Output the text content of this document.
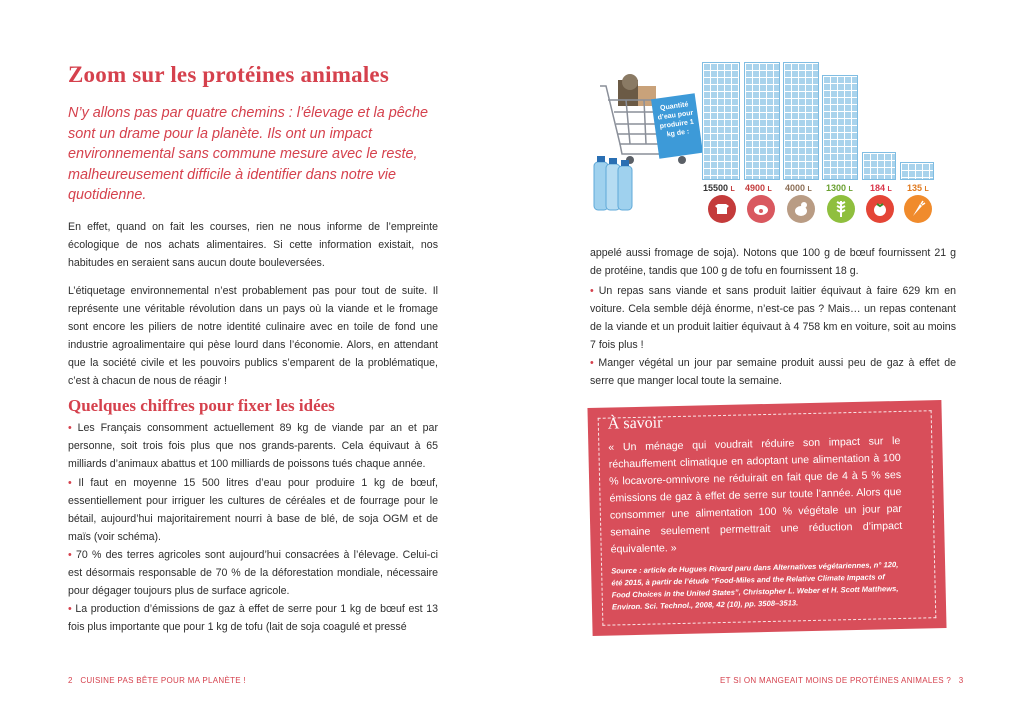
Zoom sur les protéines animales

N’y allons pas par quatre chemins : l’élevage et la pêche sont un drame pour la planète. Ils ont un impact environnemental sans commune mesure avec le reste, malheureusement difficile à identifier dans notre vie quotidienne.

En effet, quand on fait les courses, rien ne nous informe de l’empreinte écologique de nos achats alimentaires. Si cette information existait, nos habitudes en seraient sans aucun doute bouleversées.

L’étiquetage environnemental n’est probablement pas pour tout de suite. Il représente une véritable révolution dans un pays où la viande et le fromage sont encore les piliers de notre identité culinaire avec en toile de fond une industrie agroalimentaire qui pèse lourd dans l’économie. Alors, en attendant que la société civile et les pouvoirs publics s’emparent de la problématique, c’est à chacun de nous de réagir !

Quelques chiffres pour fixer les idées

• Les Français consomment actuellement 89 kg de viande par an et par personne, soit trois fois plus que nos grands-parents. Cela équivaut à 65 milliards d’animaux abattus et 100 milliards de poissons tués chaque année.

• Il faut en moyenne 15 500 litres d’eau pour produire 1 kg de bœuf, essentiellement pour irriguer les cultures de céréales et de fourrage pour le bétail, aujourd’hui majoritairement nourri à base de blé, de soja OGM et de maïs (voir schéma).

• 70 % des terres agricoles sont aujourd’hui consacrées à l’élevage. Celui-ci est désormais responsable de 70 % de la déforestation mondiale, nécessaire pour dégager toujours plus de surface agricole.

• La production d’émissions de gaz à effet de serre pour 1 kg de bœuf est 13 fois plus importante que pour 1 kg de tofu (lait de soja coagulé et pressé

2 CUISINE PAS BÊTE POUR MA PLANÈTE !
Quantité d’eau pour produire 1 kg de :
15500 L 4900 L 4000 L 1300 L 184 L 135 L

appelé aussi fromage de soja). Notons que 100 g de bœuf fournissent 21 g de protéine, tandis que 100 g de tofu en fournissent 18 g.

• Un repas sans viande et sans produit laitier équivaut à faire 629 km en voiture. Cela semble déjà énorme, n’est-ce pas ? Mais… un repas contenant de la viande et un produit laitier équivaut à 4 758 km en voiture, soit au moins 7 fois plus !

• Manger végétal un jour par semaine produit aussi peu de gaz à effet de serre que manger local toute la semaine.

À savoir

« Un ménage qui voudrait réduire son impact sur le réchauffement climatique en adoptant une alimentation à 100 % locavore-omnivore ne réduirait en fait que de 4 à 5 % ses émissions de gaz à effet de serre sur toute l’année. Alors que consommer une alimentation 100 % végétale un jour par semaine seulement permettrait une réduction d’impact équivalente. »

Source : article de Hugues Rivard paru dans Alternatives végétariennes, n° 120, été 2015, à partir de l’étude “Food-Miles and the Relative Climate Impacts of Food Choices in the United States”, Christopher L. Weber et H. Scott Matthews, Environ. Sci. Technol., 2008, 42 (10), pp. 3508–3513.

ET SI ON MANGEAIT MOINS DE PROTÉINES ANIMALES ? 3
